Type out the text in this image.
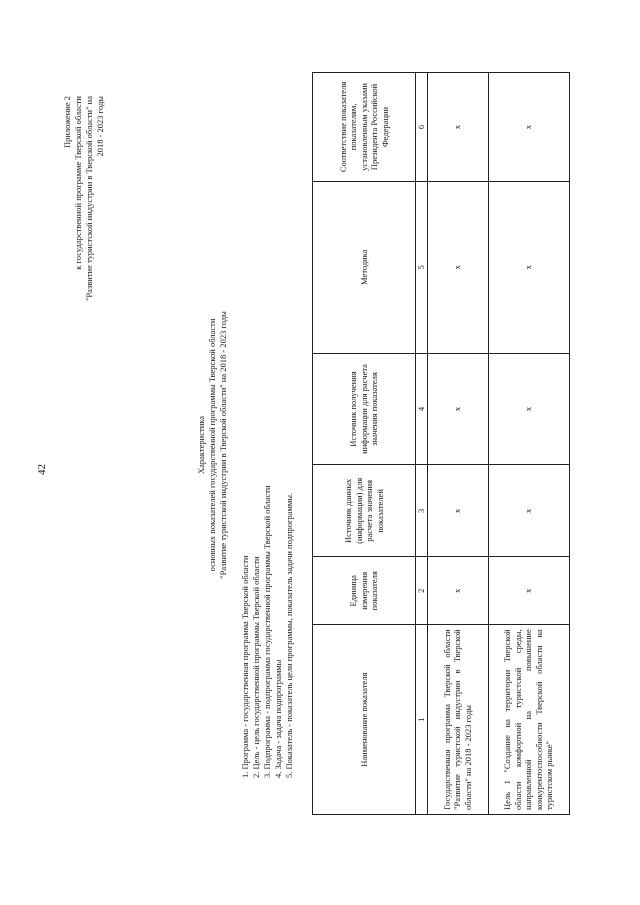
42
Приложение 2 к государственной программе Тверской области "Развитие туристской индустрии в Тверской области" на 2018 - 2023 годы
Характеристика основных показателей государственной программы Тверской области "Развитие туристской индустрии в Тверской области" на 2018 - 2023 годы
1. Программа - государственная программа Тверской области 2. Цель - цель государственной программы Тверской области 3. Подпрограмма - подпрограмма государственной программы Тверской области 4. Задача - задача подпрограммы 5. Показатель - показатель цели программы, показатель задачи подпрограммы.	Наименование показателя	Единица измерения показателя	Источник данных (информации) для расчета значения показателей	Источник получения информации для расчета значения показателя	Методика	Соответствие показателя показателям, установленным указами Президента Российской Федерации
1	2	3	4	5	6
Государственная программа Тверской области "Развитие туристской индустрии в Тверской области" на 2018 - 2023 годы	x	x	x	x	x
Цель 1 "Создание на территории Тверской области комфортной туристской среды, направленной на повышение конкурентоспособности Тверской области на туристском рынке"	x	x	x	x	x
